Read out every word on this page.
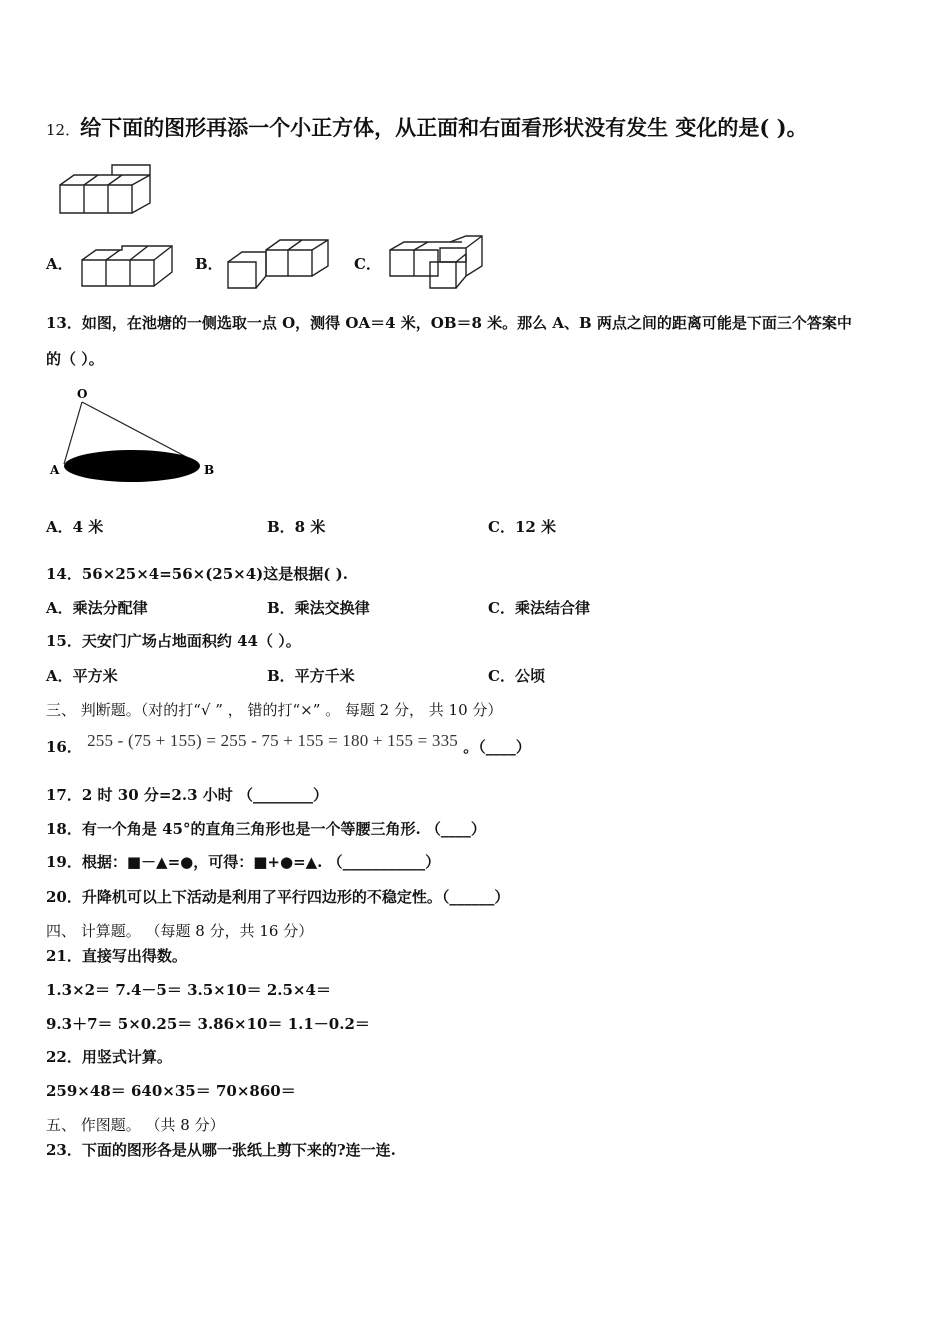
12．给下面的图形再添一个小正方体，从正面和右面看形状没有发生 变化的是( )。
A．	B．	C．
13．如图，在池塘的一侧选取一点 O，测得 OA＝4 米，OB＝8 米。那么 A、B 两点之间的距离可能是下面三个答案中
的（ ）。
O
A	B
A．4 米	B．8 米	C．12 米
14．56×25×4=56×(25×4)这是根据( ).
A．乘法分配律	B．乘法交换律	C．乘法结合律
15．天安门广场占地面积约 44（ ）。
A．平方米	B．平方千米	C．公顷
三、 判断题。（对的打“√ ” ， 错的打“×” 。 每题 2 分， 共 10 分）
16． 255 - (75 + 155) = 255 - 75 + 155 = 180 + 155 = 335 。（____）
17．2 时 30 分=2.3 小时 （________）
18．有一个角是 45°的直角三角形也是一个等腰三角形. （____）
19．根据：■－▲=●，可得：■+●=▲. （___________）
20．升降机可以上下活动是利用了平行四边形的不稳定性。（______）
四、 计算题。 （每题 8 分，共 16 分）
21．直接写出得数。
1.3×2＝ 7.4－5＝ 3.5×10＝ 2.5×4＝
9.3＋7＝ 5×0.25＝ 3.86×10＝ 1.1－0.2＝
22．用竖式计算。
259×48＝ 640×35＝ 70×860＝
五、 作图题。 （共 8 分）
23．下面的图形各是从哪一张纸上剪下来的?连一连.
